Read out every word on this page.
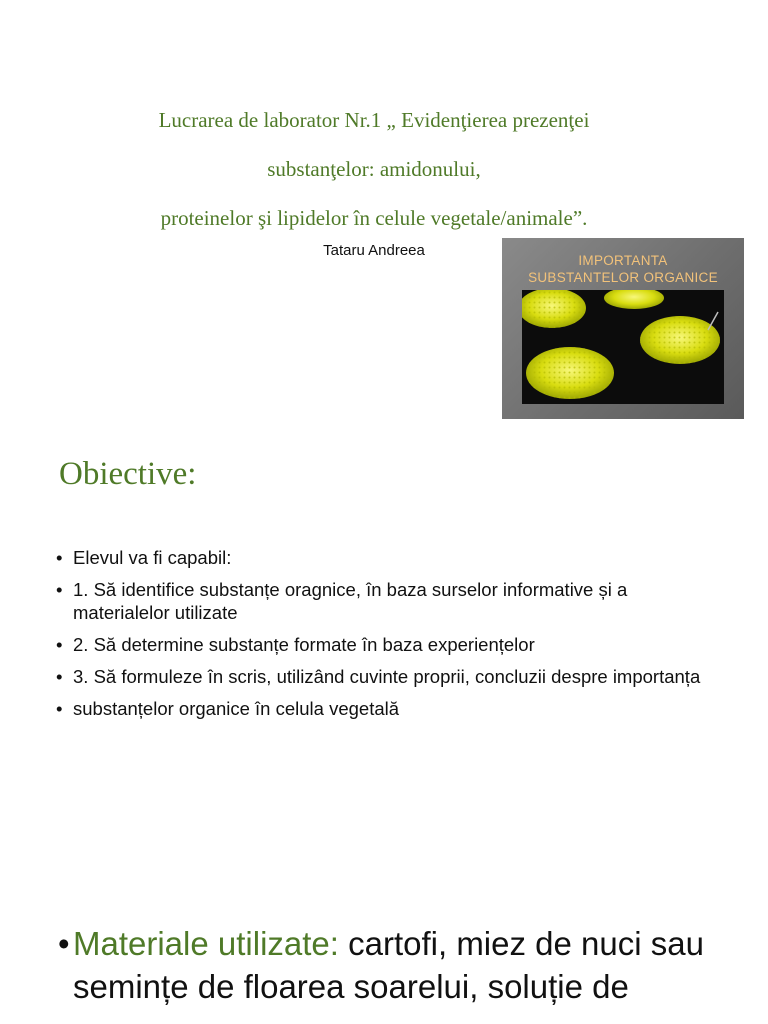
Lucrarea de laborator Nr.1 „ Evidenţierea prezenţei
substanţelor: amidonului,
proteinelor şi lipidelor în celule vegetale/animale”.
Tataru Andreea
IMPORTANTA
SUBSTANTELOR ORGANICE
Obiective:
• Elevul va fi capabil:
• 1. Să identifice substanțe oragnice, în baza surselor informative și a materialelor utilizate
• 2. Să determine substanțe formate în baza experiențelor
• 3. Să formuleze în scris, utilizând cuvinte proprii, concluzii despre importanța
• substanțelor organice în celula vegetală
• Materiale utilizate: cartofi, miez de nuci sau semințe de floarea soarelui, soluție de
